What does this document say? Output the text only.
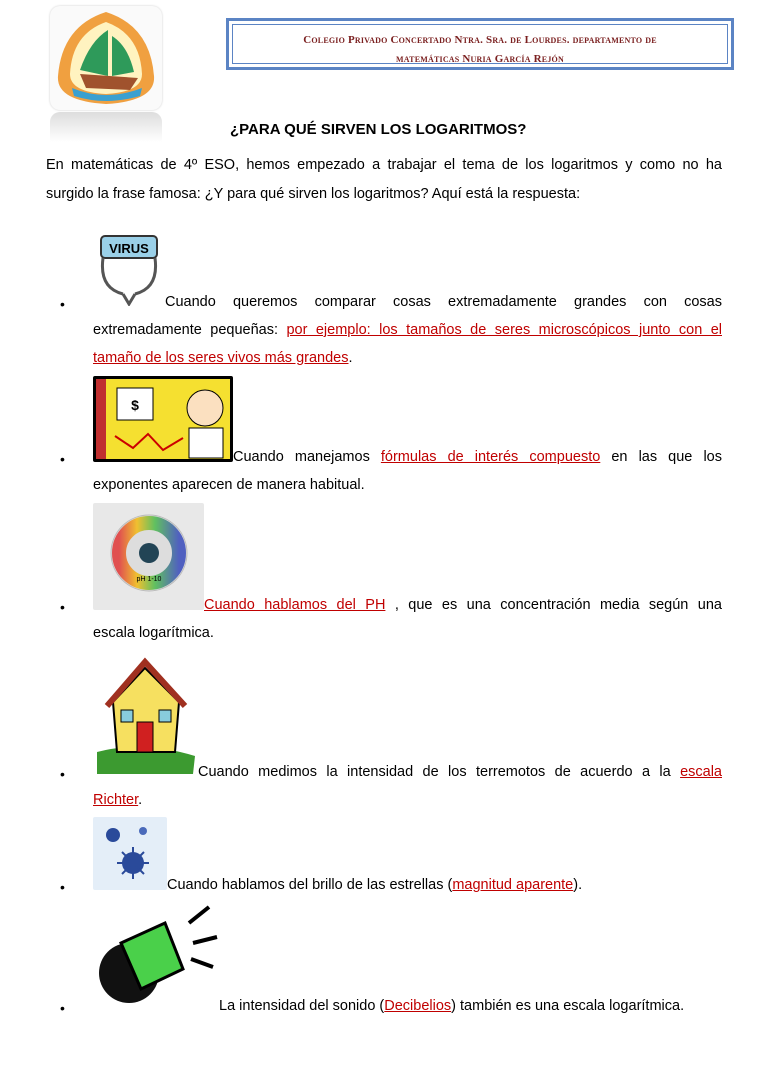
Colegio Privado Concertado Ntra. Sra. de Lourdes. departamento de
matemáticas Nuria García Rejón
¿PARA QUÉ SIRVEN LOS LOGARITMOS?
En matemáticas de 4º ESO, hemos empezado a trabajar el tema de los logaritmos y como no ha
surgido la frase famosa: ¿Y para qué sirven los logaritmos? Aquí está la respuesta:
VIRUS
•	Cuando queremos comparar cosas extremadamente grandes con cosas
extremadamente pequeñas: por ejemplo: los tamaños de seres microscópicos junto con el
tamaño de los seres vivos más grandes.
$
•	Cuando manejamos fórmulas de interés compuesto en las que los
exponentes aparecen de manera habitual.
pH 1-10
•	Cuando hablamos del PH , que es una concentración media según una
escala logarítmica.
•	Cuando medimos la intensidad de los terremotos de acuerdo a la escala
Richter.
•	Cuando hablamos del brillo de las estrellas (magnitud aparente).
•	La intensidad del sonido (Decibelios) también es una escala logarítmica.
